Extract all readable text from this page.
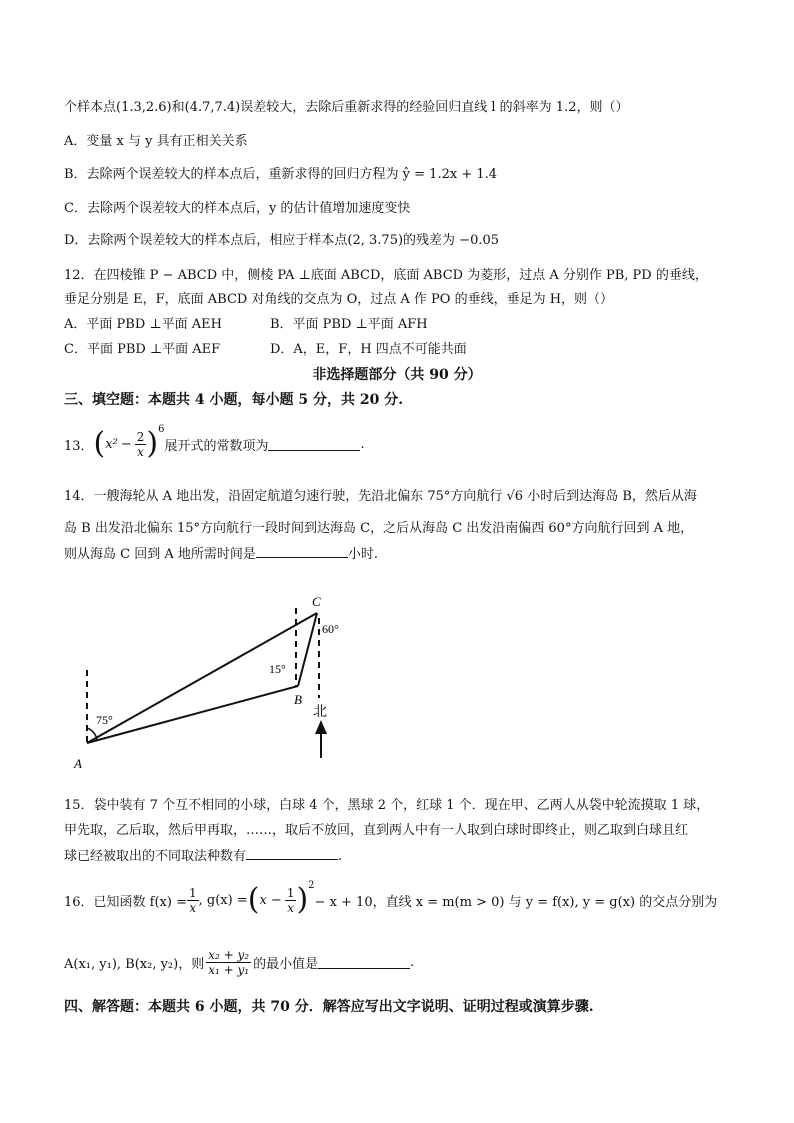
个样本点(1.3,2.6)和(4.7,7.4)误差较大，去除后重新求得的经验回归直线 l 的斜率为 1.2，则（）
A．变量 x 与 y 具有正相关关系
B．去除两个误差较大的样本点后，重新求得的回归方程为 ŷ = 1.2x + 1.4
C．去除两个误差较大的样本点后，y 的估计值增加速度变快
D．去除两个误差较大的样本点后，相应于样本点(2, 3.75)的残差为 −0.05
12．在四棱锥 P − ABCD 中，侧棱 PA ⊥底面 ABCD，底面 ABCD 为菱形，过点 A 分别作 PB, PD 的垂线，
垂足分别是 E，F，底面 ABCD 对角线的交点为 O，过点 A 作 PO 的垂线，垂足为 H，则（）
A．平面 PBD ⊥平面 AEH	B．平面 PBD ⊥平面 AFH
C．平面 PBD ⊥平面 AEF	D．A，E，F，H 四点不可能共面
非选择题部分（共 90 分）
三、填空题：本题共 4 小题，每小题 5 分，共 20 分.
13． ( $x^2 - \frac{2}{x} )^6$
展开式的常数项为	.
14．一艘海轮从 A 地出发，沿固定航道匀速行驶，先沿北偏东 75°方向航行 √6 小时后到达海岛 B，然后从海
岛 B 出发沿北偏东 15°方向航行一段时间到达海岛 C，之后从海岛 C 出发沿南偏西 60°方向航行回到 A 地，
则从海岛 C 回到 A 地所需时间是	小时.
A
B
C
75°
15°
60°
北
15．袋中装有 7 个互不相同的小球，白球 4 个，黑球 2 个，红球 1 个．现在甲、乙两人从袋中轮流摸取 1 球，
甲先取，乙后取，然后甲再取，……，取后不放回，直到两人中有一人取到白球时即终止，则乙取到白球且红
球已经被取出的不同取法种数有	.
16．已知函数 $f(x) = \frac{1}{x}$ , g(x) = ( $x - \frac{1}{x} )^2$
− x + 10，直线 x = m(m > 0) 与 y = f(x), y = g(x) 的交点分别为
A(x₁, y₁), B(x₂, y₂)，则 $\frac{\text{x₂ + y₂}}{\text{x₁ + y₁}}$ 的最小值是	.
四、解答题：本题共 6 小题，共 70 分．解答应写出文字说明、证明过程或演算步骤.
